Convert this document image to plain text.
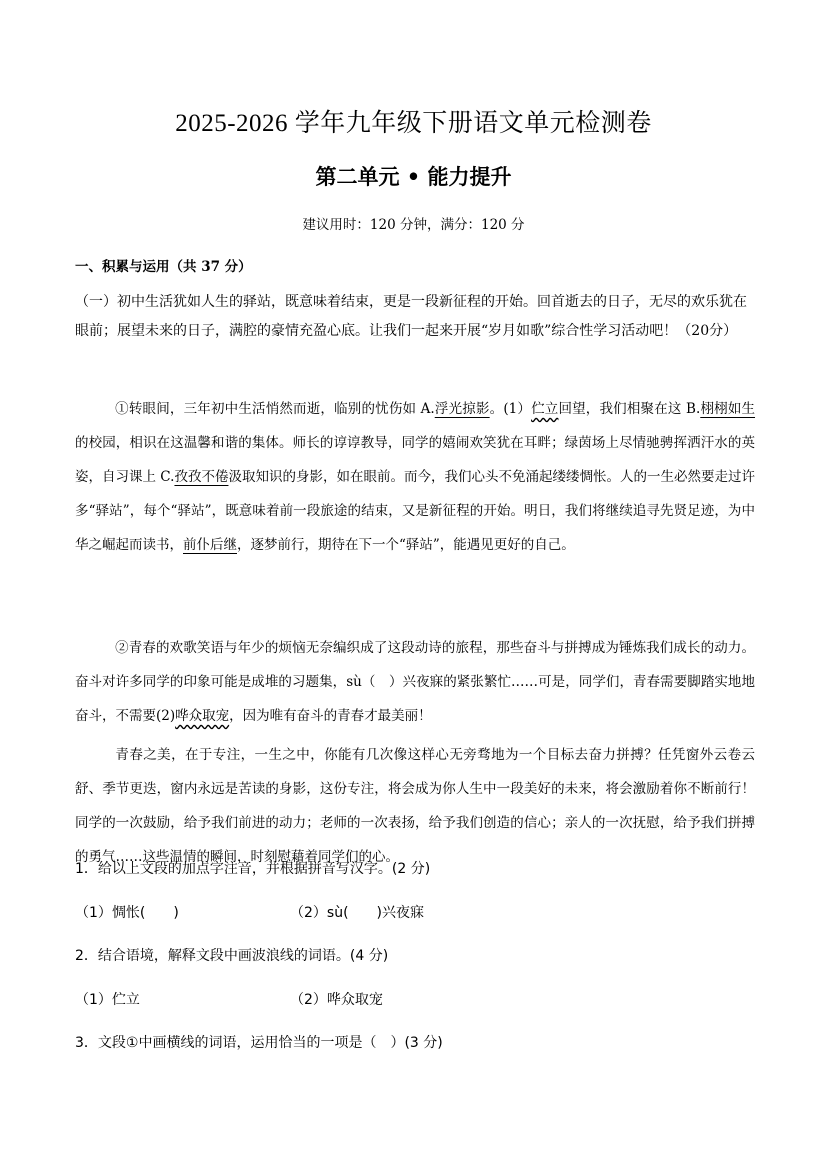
2025-2026 学年九年级下册语文单元检测卷
第二单元 • 能力提升
建议用时：120 分钟，满分：120 分
一、积累与运用（共 37 分）
（一）初中生活犹如人生的驿站，既意味着结束，更是一段新征程的开始。回首逝去的日子，无尽的欢乐犹在眼前；展望未来的日子，满腔的豪情充盈心底。让我们一起来开展“岁月如歌”综合性学习活动吧！（20分）
①转眼间，三年初中生活悄然而逝，临别的忧伤如 A.浮光掠影。(1）伫立回望，我们相聚在这 B.栩栩如生的校园，相识在这温馨和谐的集体。师长的谆谆教导，同学的嬉闹欢笑犹在耳畔；绿茵场上尽情驰骋挥洒汗水的英姿，自习课上 C.孜孜不倦汲取知识的身影，如在眼前。而今，我们心头不免涌起缕缕惆怅。人的一生必然要走过许多“驿站”，每个“驿站”，既意味着前一段旅途的结束，又是新征程的开始。明日，我们将继续追寻先贤足迹，为中华之崛起而读书，前仆后继，逐梦前行，期待在下一个“驿站”，能遇见更好的自己。
②青春的欢歌笑语与年少的烦恼无奈编织成了这段动诗的旅程，那些奋斗与拼搏成为锤炼我们成长的动力。奋斗对许多同学的印象可能是成堆的习题集，sù（　）兴夜寐的紧张繁忙……可是，同学们，青春需要脚踏实地地奋斗，不需要(2)哗众取宠，因为唯有奋斗的青春才最美丽！
青春之美，在于专注，一生之中，你能有几次像这样心无旁骛地为一个目标去奋力拼搏？任凭窗外云卷云舒、季节更迭，窗内永远是苦读的身影，这份专注，将会成为你人生中一段美好的未来，将会激励着你不断前行！同学的一次鼓励，给予我们前进的动力；老师的一次表扬，给予我们创造的信心；亲人的一次抚慰，给予我们拼搏的勇气……这些温情的瞬间，时刻慰藉着同学们的心。
1．给以上文段的加点字注音，并根据拼音写汉字。(2 分)
（1）惆怅(　　)	（2）sù(　　)兴夜寐
2．结合语境，解释文段中画波浪线的词语。(4 分)
（1）伫立	（2）哗众取宠
3．文段①中画横线的词语，运用恰当的一项是（　）(3 分)
